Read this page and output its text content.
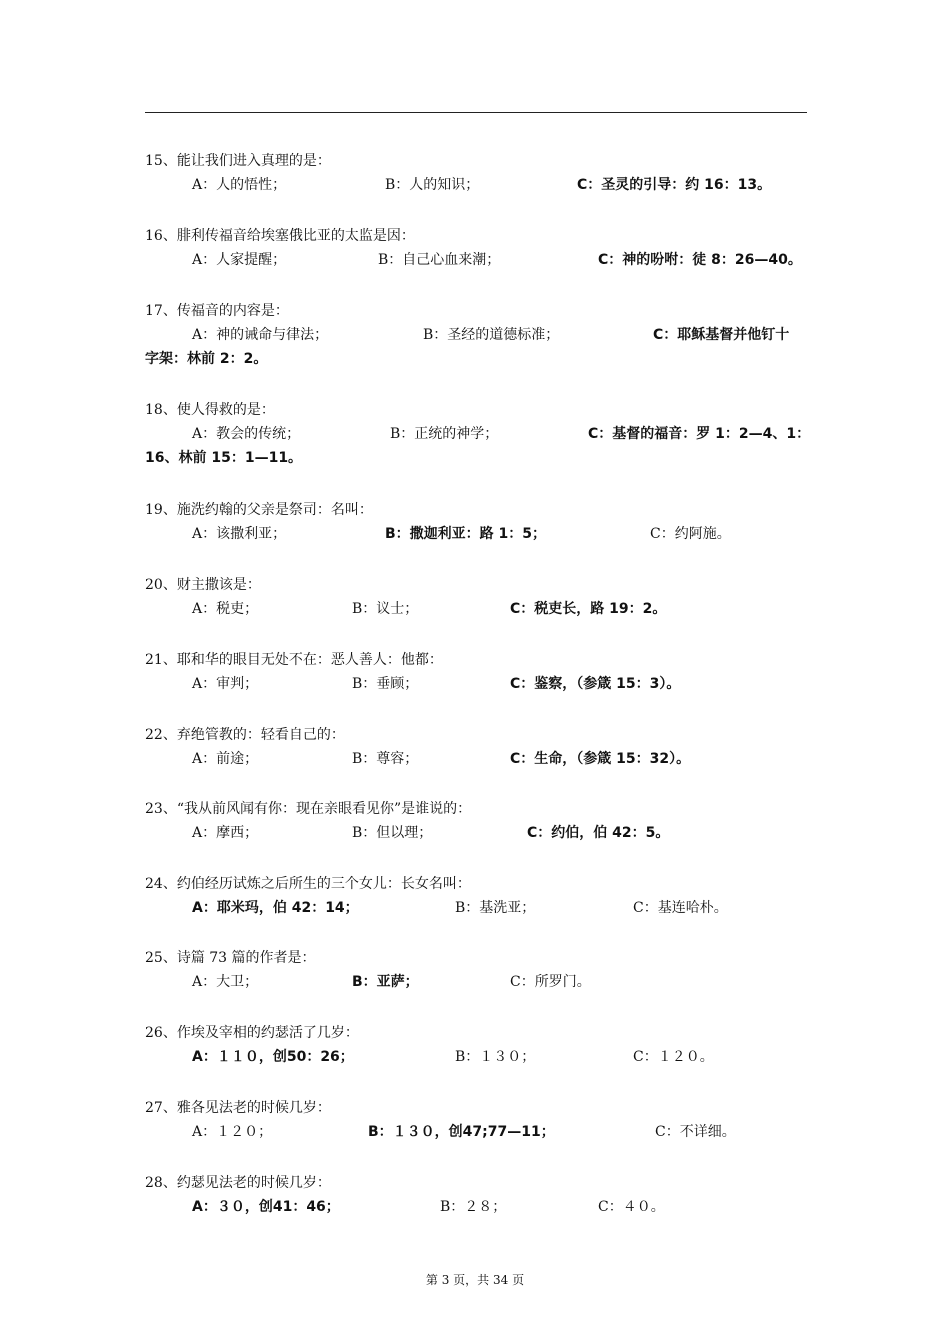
15、能让我们进入真理的是：
A：人的悟性；	B：人的知识；	C：圣灵的引导：约 16：13。
16、腓利传福音给埃塞俄比亚的太监是因：
A：人家提醒；	B：自己心血来潮；	C：神的吩咐：徒 8：26—40。
17、传福音的内容是：
A：神的诫命与律法；	B：圣经的道德标准；	C：耶稣基督并他钉十
字架：林前 2：2。
18、使人得救的是：
A：教会的传统；	B：正统的神学；	C：基督的福音：罗 1：2—4、1：
16、林前 15：1—11。
19、施洗约翰的父亲是祭司：名叫：
A：该撒利亚；	B：撒迦利亚：路 1：5；	C：约阿施。
20、财主撒该是：
A：税吏；	B：议士；	C：税吏长，路 19：2。
21、耶和华的眼目无处不在：恶人善人：他都：
A：审判；	B：垂顾；	C：鉴察，（参箴 15：3）。
22、弃绝管教的：轻看自己的：
A：前途；	B：尊容；	C：生命，（参箴 15：32）。
23、“我从前风闻有你：现在亲眼看见你”是谁说的：
A：摩西；	B：但以理；	C：约伯，伯 42：5。
24、约伯经历试炼之后所生的三个女儿：长女名叫：
A：耶米玛，伯 42：14；	B：基洗亚；	C：基连哈朴。
25、诗篇 73 篇的作者是：
A：大卫；	B：亚萨；	C：所罗门。
26、作埃及宰相的约瑟活了几岁：
A：１１０，创50：26；	B：１３０；	C：１２０。
27、雅各见法老的时候几岁：
A：１２０；	B：１３０，创47;77—11；	C：不详细。
28、约瑟见法老的时候几岁：
A：３０，创41：46；	B：２８；	C：４０。
第 3 页，共 34 页
